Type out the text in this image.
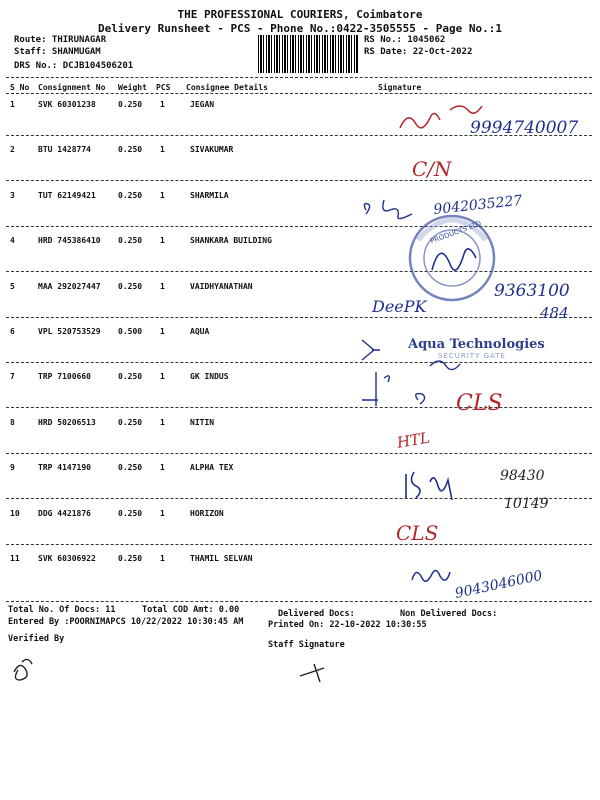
THE PROFESSIONAL COURIERS, Coimbatore
Delivery Runsheet - PCS - Phone No.:0422-3505555 - Page No.:1
Route: THIRUNAGAR
Staff: SHANMUGAM
DRS No.: DCJB104506201
RS No.: 1045062
RS Date: 22-Oct-2022
S No Consignment No Weight PCS Consignee Details	Signature
1	SVK 60301238	0.250 1	JEGAN
2	BTU 1428774	0.250 1	SIVAKUMAR
3	TUT 62149421	0.250 1	SHARMILA
4	HRD 745386410 0.250 1	SHANKARA BUILDING
5	MAA 292027447 0.250 1	VAIDHYANATHAN
6	VPL 520753529 0.500 1	AQUA
7	TRP 7100660	0.250 1	GK INDUS
8	HRD 50206513	0.250 1	NITIN
9	TRP 4147190	0.250 1	ALPHA TEX
10 DDG 4421876	0.250 1	HORIZON
11 SVK 60306922	0.250 1	THAMIL SELVAN
Total No. Of Docs: 11	Total COD Amt: 0.00	Delivered Docs:	Non Delivered Docs:
Entered By :POORNIMAPCS 10/22/2022 10:30:45 AM	Printed On: 22-10-2022 10:30:55
Verified By
Staff Signature
Aqua Technologies
SECURITY GATE
PRODUCTS LTD
9994740007
C/N
9042035227
9363100
DeePK	484
CLS
HTL
98430
10149
CLS
9043046000
